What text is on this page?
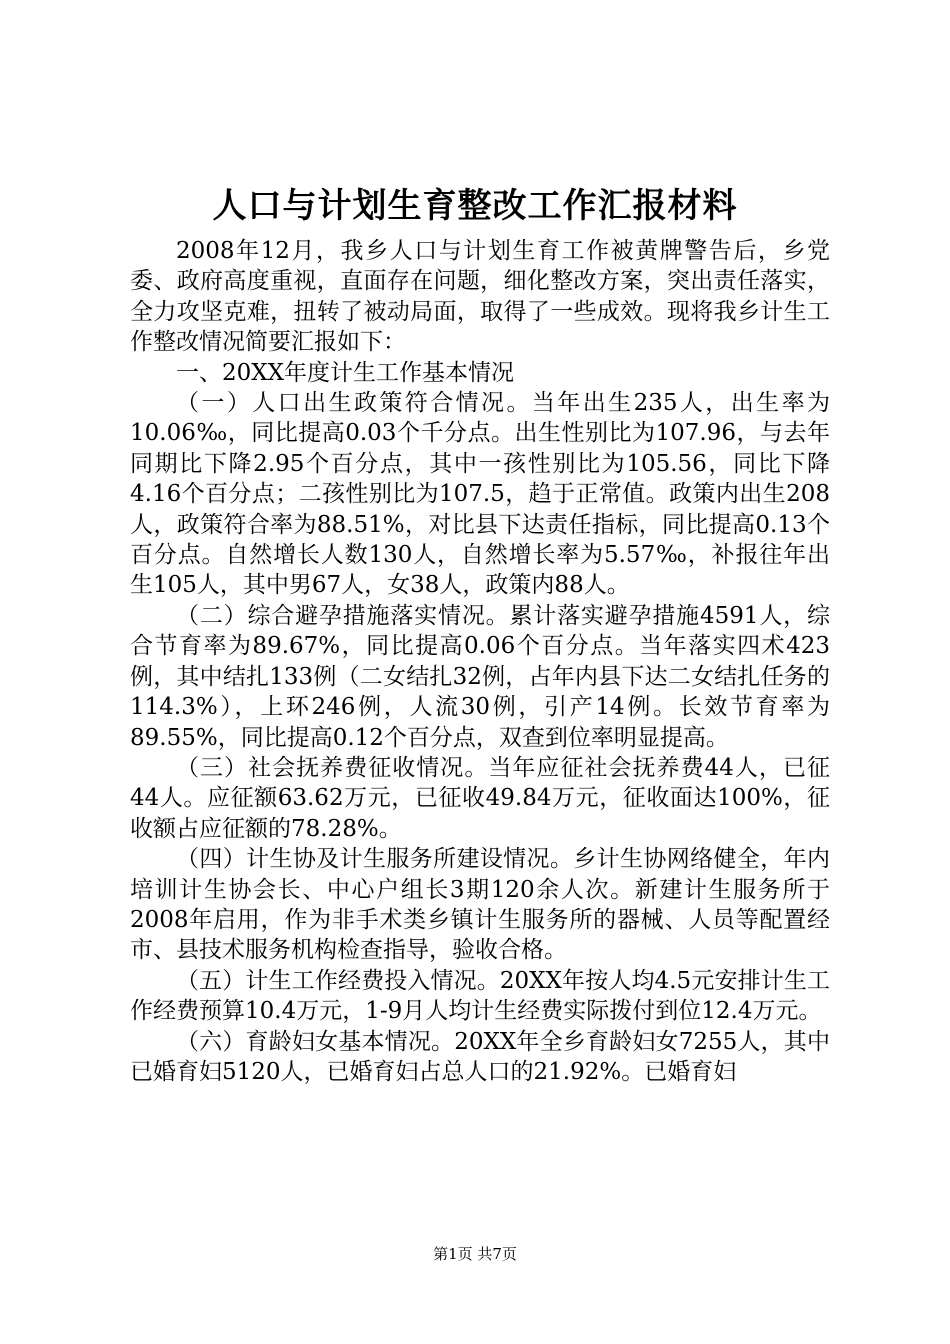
人口与计划生育整改工作汇报材料

2008年12月，我乡人口与计划生育工作被黄牌警告后，乡党委、政府高度重视，直面存在问题，细化整改方案，突出责任落实，全力攻坚克难，扭转了被动局面，取得了一些成效。现将我乡计生工作整改情况简要汇报如下：

一、20XX年度计生工作基本情况

（一）人口出生政策符合情况。当年出生235人，出生率为10.06‰，同比提高0.03个千分点。出生性别比为107.96，与去年同期比下降2.95个百分点，其中一孩性别比为105.56，同比下降4.16个百分点；二孩性别比为107.5，趋于正常值。政策内出生208人，政策符合率为88.51%，对比县下达责任指标，同比提高0.13个百分点。自然增长人数130人，自然增长率为5.57‰，补报往年出生105人，其中男67人，女38人，政策内88人。

（二）综合避孕措施落实情况。累计落实避孕措施4591人，综合节育率为89.67%，同比提高0.06个百分点。当年落实四术423例，其中结扎133例（二女结扎32例，占年内县下达二女结扎任务的114.3%），上环246例，人流30例，引产14例。长效节育率为89.55%，同比提高0.12个百分点，双查到位率明显提高。

（三）社会抚养费征收情况。当年应征社会抚养费44人，已征44人。应征额63.62万元，已征收49.84万元，征收面达100%，征收额占应征额的78.28%。

（四）计生协及计生服务所建设情况。乡计生协网络健全，年内培训计生协会长、中心户组长3期120余人次。新建计生服务所于2008年启用，作为非手术类乡镇计生服务所的器械、人员等配置经市、县技术服务机构检查指导，验收合格。

（五）计生工作经费投入情况。20XX年按人均4.5元安排计生工作经费预算10.4万元，1-9月人均计生经费实际拨付到位12.4万元。

（六）育龄妇女基本情况。20XX年全乡育龄妇女7255人，其中已婚育妇5120人，已婚育妇占总人口的21.92%。已婚育妇

第1页 共7页
